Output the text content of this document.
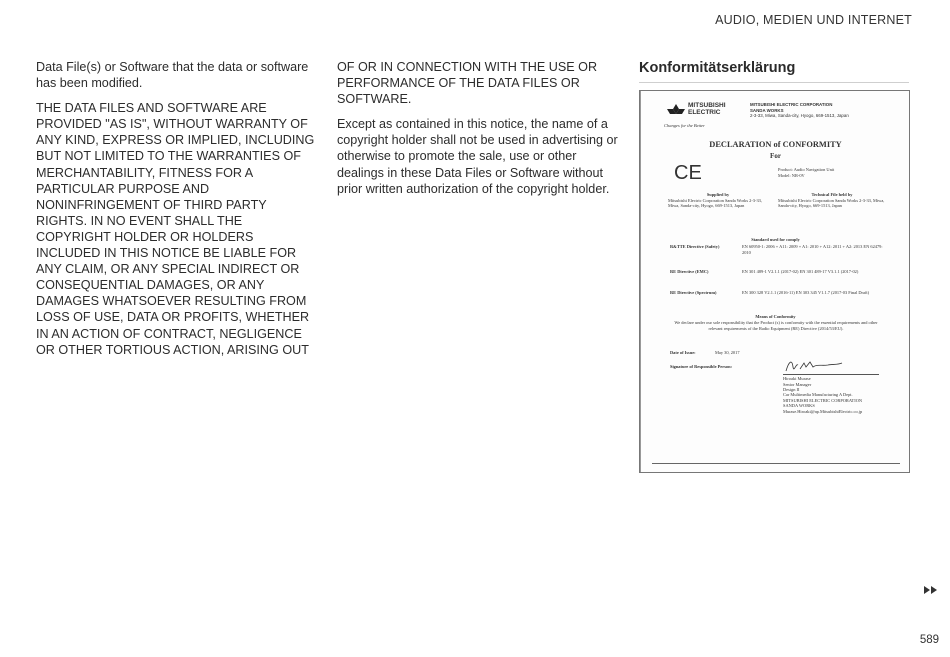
AUDIO, MEDIEN UND INTERNET

Data File(s) or Software that the data or software has been modified.

THE DATA FILES AND SOFTWARE ARE PROVIDED "AS IS", WITHOUT WARRANTY OF ANY KIND, EXPRESS OR IMPLIED, INCLUDING BUT NOT LIMITED TO THE WARRANTIES OF MERCHANTABILITY, FITNESS FOR A PARTICULAR PURPOSE AND NONINFRINGEMENT OF THIRD PARTY RIGHTS. IN NO EVENT SHALL THE COPYRIGHT HOLDER OR HOLDERS INCLUDED IN THIS NOTICE BE LIABLE FOR ANY CLAIM, OR ANY SPECIAL INDIRECT OR CONSEQUENTIAL DAMAGES, OR ANY DAMAGES WHATSOEVER RESULTING FROM LOSS OF USE, DATA OR PROFITS, WHETHER IN AN ACTION OF CONTRACT, NEGLIGENCE OR OTHER TORTIOUS ACTION, ARISING OUT

OF OR IN CONNECTION WITH THE USE OR PERFORMANCE OF THE DATA FILES OR SOFTWARE.

Except as contained in this notice, the name of a copyright holder shall not be used in advertising or otherwise to promote the sale, use or other dealings in these Data Files or Software without prior written authorization of the copyright holder.

Konformitätserklärung
MITSUBISHI
ELECTRIC
Changes for the Better
MITSUBISHI ELECTRIC CORPORATION
SANDA WORKS
2-3-33, Miwa, Sanda-city, Hyogo, 669-1513, Japan
DECLARATION of CONFORMITY
For
CE	Product: Audio Navigation Unit
Model: NR-0V
Supplied by
Mitsubishi Electric Corporation Sanda Works 2-3-33, Miwa, Sanda-city, Hyogo, 669-1513, Japan
Technical File held by
Mitsubishi Electric Corporation Sanda Works 2-3-33, Miwa, Sanda-city, Hyogo, 669-1513, Japan
Standard used for comply
R&TTE Directive (Safety)	EN 60950-1: 2006 + A11: 2009 + A1: 2010 + A12: 2011 + A2: 2013 EN 62479: 2010
RE Directive (EMC)	EN 301 489-1 V2.1.1 (2017-02) EN 301 489-17 V3.1.1 (2017-02)
RE Directive (Spectrum)	EN 300 328 V2.1.1 (2016-11) EN 303 345 V1.1.7 (2017-03 Final Draft)
Means of Conformity
We declare under our sole responsibility that the Product (s) is conformity with the essential requirements and other relevant requirements of the Radio Equipment (RE) Directive (2014/53/EU).
Date of Issue:	May 30, 2017
Signature of Responsible Person:
Hiroaki Murase
Senior Manager
Design II
Car Multimedia Manufacturing A Dept.
MITSUBISHI ELECTRIC CORPORATION
SANDA WORKS
Murase.Hiroaki@ap.MitsubishiElectric.co.jp
589
